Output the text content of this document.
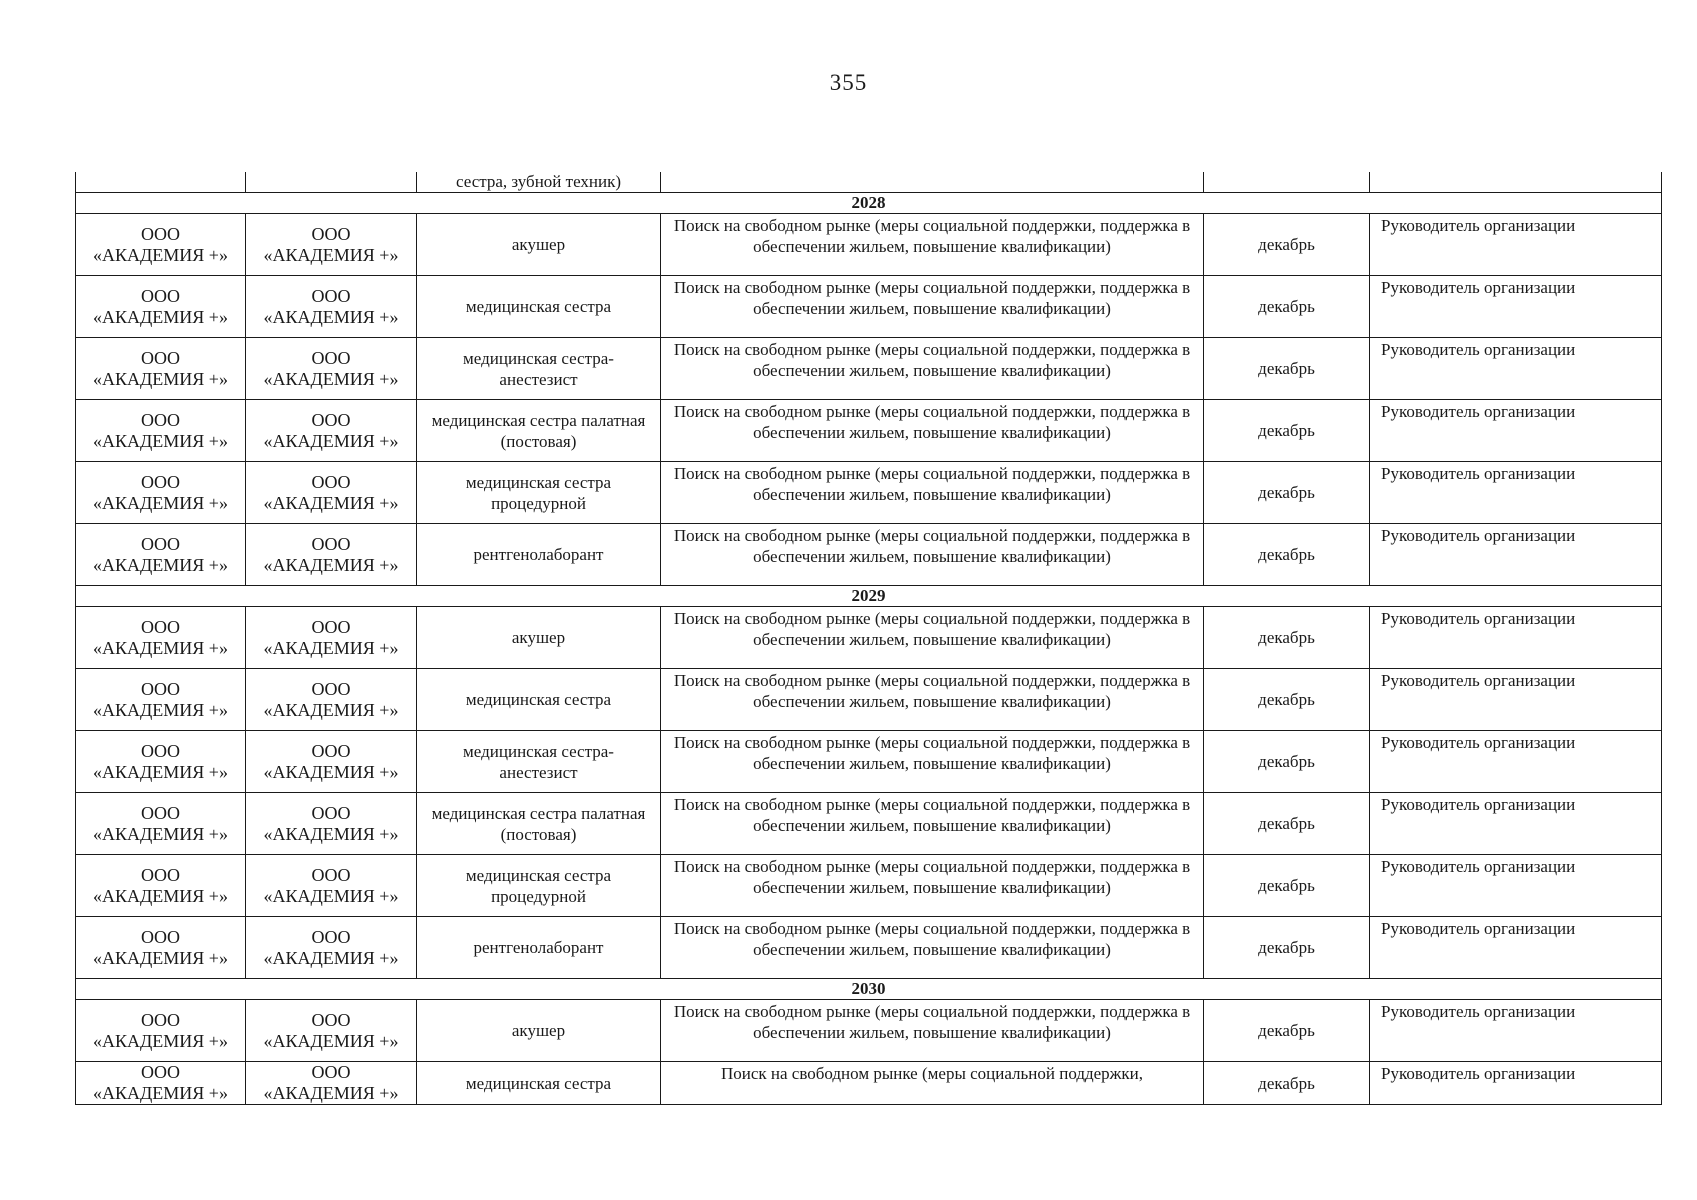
355
		сестра, зубной техник)			
2028					
ООО «АКАДЕМИЯ +»	ООО «АКАДЕМИЯ +»	акушер	Поиск на свободном рынке (меры социальной поддержки, поддержка в обеспечении жильем, повышение квалификации)	декабрь	Руководитель организации
ООО «АКАДЕМИЯ +»	ООО «АКАДЕМИЯ +»	медицинская сестра	Поиск на свободном рынке (меры социальной поддержки, поддержка в обеспечении жильем, повышение квалификации)	декабрь	Руководитель организации
ООО «АКАДЕМИЯ +»	ООО «АКАДЕМИЯ +»	медицинская сестра-анестезист	Поиск на свободном рынке (меры социальной поддержки, поддержка в обеспечении жильем, повышение квалификации)	декабрь	Руководитель организации
ООО «АКАДЕМИЯ +»	ООО «АКАДЕМИЯ +»	медицинская сестра палатная (постовая)	Поиск на свободном рынке (меры социальной поддержки, поддержка в обеспечении жильем, повышение квалификации)	декабрь	Руководитель организации
ООО «АКАДЕМИЯ +»	ООО «АКАДЕМИЯ +»	медицинская сестра процедурной	Поиск на свободном рынке (меры социальной поддержки, поддержка в обеспечении жильем, повышение квалификации)	декабрь	Руководитель организации
ООО «АКАДЕМИЯ +»	ООО «АКАДЕМИЯ +»	рентгенолаборант	Поиск на свободном рынке (меры социальной поддержки, поддержка в обеспечении жильем, повышение квалификации)	декабрь	Руководитель организации
2029					
ООО «АКАДЕМИЯ +»	ООО «АКАДЕМИЯ +»	акушер	Поиск на свободном рынке (меры социальной поддержки, поддержка в обеспечении жильем, повышение квалификации)	декабрь	Руководитель организации
ООО «АКАДЕМИЯ +»	ООО «АКАДЕМИЯ +»	медицинская сестра	Поиск на свободном рынке (меры социальной поддержки, поддержка в обеспечении жильем, повышение квалификации)	декабрь	Руководитель организации
ООО «АКАДЕМИЯ +»	ООО «АКАДЕМИЯ +»	медицинская сестра-анестезист	Поиск на свободном рынке (меры социальной поддержки, поддержка в обеспечении жильем, повышение квалификации)	декабрь	Руководитель организации
ООО «АКАДЕМИЯ +»	ООО «АКАДЕМИЯ +»	медицинская сестра палатная (постовая)	Поиск на свободном рынке (меры социальной поддержки, поддержка в обеспечении жильем, повышение квалификации)	декабрь	Руководитель организации
ООО «АКАДЕМИЯ +»	ООО «АКАДЕМИЯ +»	медицинская сестра процедурной	Поиск на свободном рынке (меры социальной поддержки, поддержка в обеспечении жильем, повышение квалификации)	декабрь	Руководитель организации
ООО «АКАДЕМИЯ +»	ООО «АКАДЕМИЯ +»	рентгенолаборант	Поиск на свободном рынке (меры социальной поддержки, поддержка в обеспечении жильем, повышение квалификации)	декабрь	Руководитель организации
2030					
ООО «АКАДЕМИЯ +»	ООО «АКАДЕМИЯ +»	акушер	Поиск на свободном рынке (меры социальной поддержки, поддержка в обеспечении жильем, повышение квалификации)	декабрь	Руководитель организации
ООО «АКАДЕМИЯ +»	ООО «АКАДЕМИЯ +»	медицинская сестра	Поиск на свободном рынке (меры социальной поддержки,	декабрь	Руководитель организации
